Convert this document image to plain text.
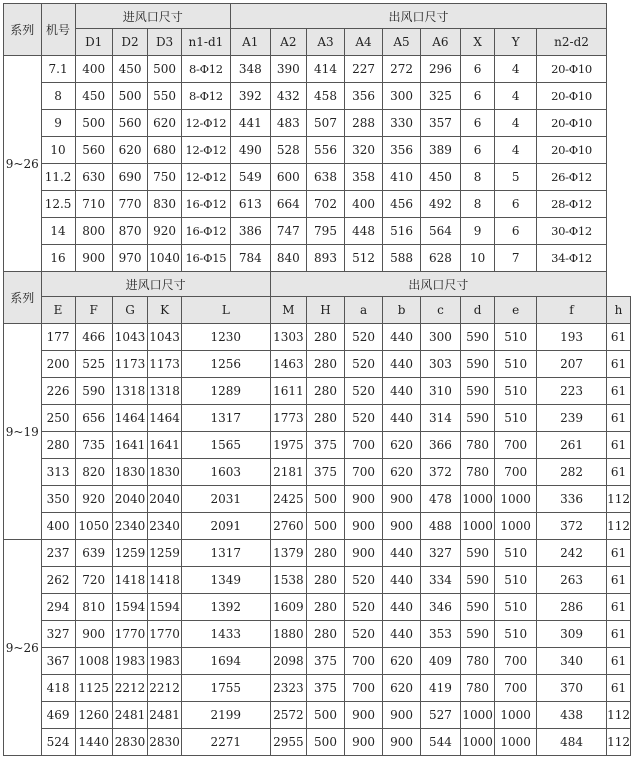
系列	机号	进风口尺寸				出风口尺寸									
		D1	D2	D3	n1-d1	A1	A2	A3	A4	A5	A6	X	Y	n2-d2	
9~26	7.1	400	450	500	8-Φ12	348	390	414	227	272	296	6	4	20-Φ10	
	8	450	500	550	8-Φ12	392	432	458	356	300	325	6	4	20-Φ10	
	9	500	560	620	12-Φ12	441	483	507	288	330	357	6	4	20-Φ10	
	10	560	620	680	12-Φ12	490	528	556	320	356	389	6	4	20-Φ10	
	11.2	630	690	750	12-Φ12	549	600	638	358	410	450	8	5	26-Φ12	
	12.5	710	770	830	16-Φ12	613	664	702	400	456	492	8	6	28-Φ12	
	14	800	870	920	16-Φ12	386	747	795	448	516	564	9	6	30-Φ12	
	16	900	970	1040	16-Φ15	784	840	893	512	588	628	10	7	34-Φ12	
系列	进风口尺寸						出风口尺寸								
	E	F	G	K	L		M	H	a	b	c	d	e	f	h
9~19	177	466	1043	1043	1230		1303	280	520	440	300	590	510	193	61
	200	525	1173	1173	1256		1463	280	520	440	303	590	510	207	61
	226	590	1318	1318	1289		1611	280	520	440	310	590	510	223	61
	250	656	1464	1464	1317		1773	280	520	440	314	590	510	239	61
	280	735	1641	1641	1565		1975	375	700	620	366	780	700	261	61
	313	820	1830	1830	1603		2181	375	700	620	372	780	700	282	61
	350	920	2040	2040	2031		2425	500	900	900	478	1000	1000	336	112
	400	1050	2340	2340	2091		2760	500	900	900	488	1000	1000	372	112
9~26	237	639	1259	1259	1317		1379	280	900	440	327	590	510	242	61
	262	720	1418	1418	1349		1538	280	520	440	334	590	510	263	61
	294	810	1594	1594	1392		1609	280	520	440	346	590	510	286	61
	327	900	1770	1770	1433		1880	280	520	440	353	590	510	309	61
	367	1008	1983	1983	1694		2098	375	700	620	409	780	700	340	61
	418	1125	2212	2212	1755		2323	375	700	620	419	780	700	370	61
	469	1260	2481	2481	2199		2572	500	900	900	527	1000	1000	438	112
	524	1440	2830	2830	2271		2955	500	900	900	544	1000	1000	484	112
